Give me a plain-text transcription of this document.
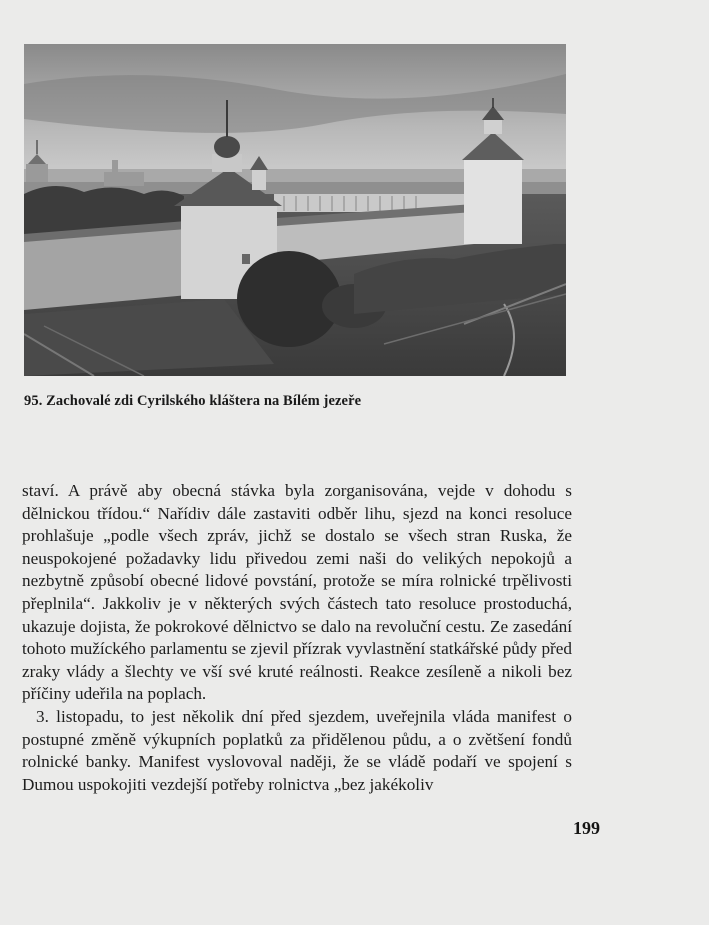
95. Zachovalé zdi Cyrilského kláštera na Bílém jezeře

staví. A právě aby obecná stávka byla zorganisována, vejde v dohodu s dělnickou třídou.“ Nařídiv dále zastaviti odběr lihu, sjezd na konci resoluce prohlašuje „podle všech zpráv, jichž se dostalo se všech stran Ruska, že neuspokojené požadavky lidu přivedou zemi naši do velikých nepokojů a nezbytně způsobí obecné lidové povstání, protože se míra rolnické trpělivosti přeplnila“. Jakkoliv je v některých svých částech tato resoluce prostoduchá, ukazuje dojista, že pokrokové dělnictvo se dalo na revoluční cestu. Ze zasedání tohoto mužíckého parlamentu se zjevil přízrak vyvlastnění statkářské půdy před zraky vlády a šlechty ve vší své kruté reálnosti. Reakce zesíleně a nikoli bez příčiny udeřila na poplach.

3. listopadu, to jest několik dní před sjezdem, uveřejnila vláda manifest o postupné změně výkupních poplatků za přidělenou půdu, a o zvětšení fondů rolnické banky. Manifest vyslovoval naději, že se vládě podaří ve spojení s Dumou uspokojiti vezdejší potřeby rolnictva „bez jakékoliv

199
